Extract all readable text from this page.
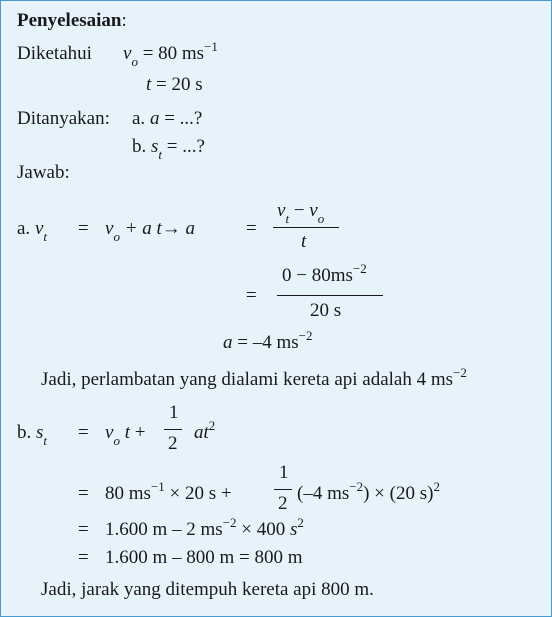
Penyelesaian:
Diketahui $v_o = 80$ $ms^{-1}$
t = 20 s
Ditanyakan: a. a = ...?
b. $s_t$ = ...?
Jawab:
a. $v_t = v_o + a$ t→ a	=
$v_t - v_o$
t
=
$0 - 80ms^{-2}$
20 s
a = –4 $ms^{-2}$
Jadi, perlambatan yang dialami kereta api adalah 4 $ms^{-2}$
b. $s_t = v_o$ t +
1
2
$at^2$
= 80 $ms^{-1} \times 20$ s +
1
2 (–4 $ms^{-2}) \times (20$ s)$^2$
= 1.600 m – 2 $ms^{-2} \times 400$ $s^2$
= 1.600 m – 800 m = 800 m
Jadi, jarak yang ditempuh kereta api 800 m.
